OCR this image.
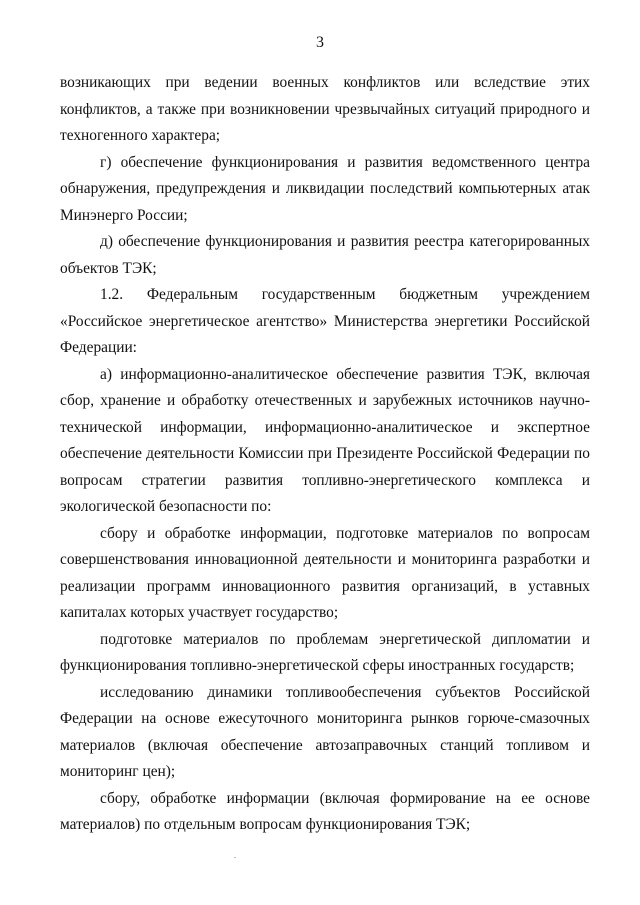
3

возникающих при ведении военных конфликтов или вследствие этих конфликтов, а также при возникновении чрезвычайных ситуаций природного и техногенного характера;

г) обеспечение функционирования и развития ведомственного центра обнаружения, предупреждения и ликвидации последствий компьютерных атак Минэнерго России;

д) обеспечение функционирования и развития реестра категорированных объектов ТЭК;

1.2. Федеральным государственным бюджетным учреждением «Российское энергетическое агентство» Министерства энергетики Российской Федерации:

а) информационно-аналитическое обеспечение развития ТЭК, включая сбор, хранение и обработку отечественных и зарубежных источников научно-технической информации, информационно-аналитическое и экспертное обеспечение деятельности Комиссии при Президенте Российской Федерации по вопросам стратегии развития топливно-энергетического комплекса и экологической безопасности по:

сбору и обработке информации, подготовке материалов по вопросам совершенствования инновационной деятельности и мониторинга разработки и реализации программ инновационного развития организаций, в уставных капиталах которых участвует государство;

подготовке материалов по проблемам энергетической дипломатии и функционирования топливно-энергетической сферы иностранных государств;

исследованию динамики топливообеспечения субъектов Российской Федерации на основе ежесуточного мониторинга рынков горюче-смазочных материалов (включая обеспечение автозаправочных станций топливом и мониторинг цен);

сбору, обработке информации (включая формирование на ее основе материалов) по отдельным вопросам функционирования ТЭК;
